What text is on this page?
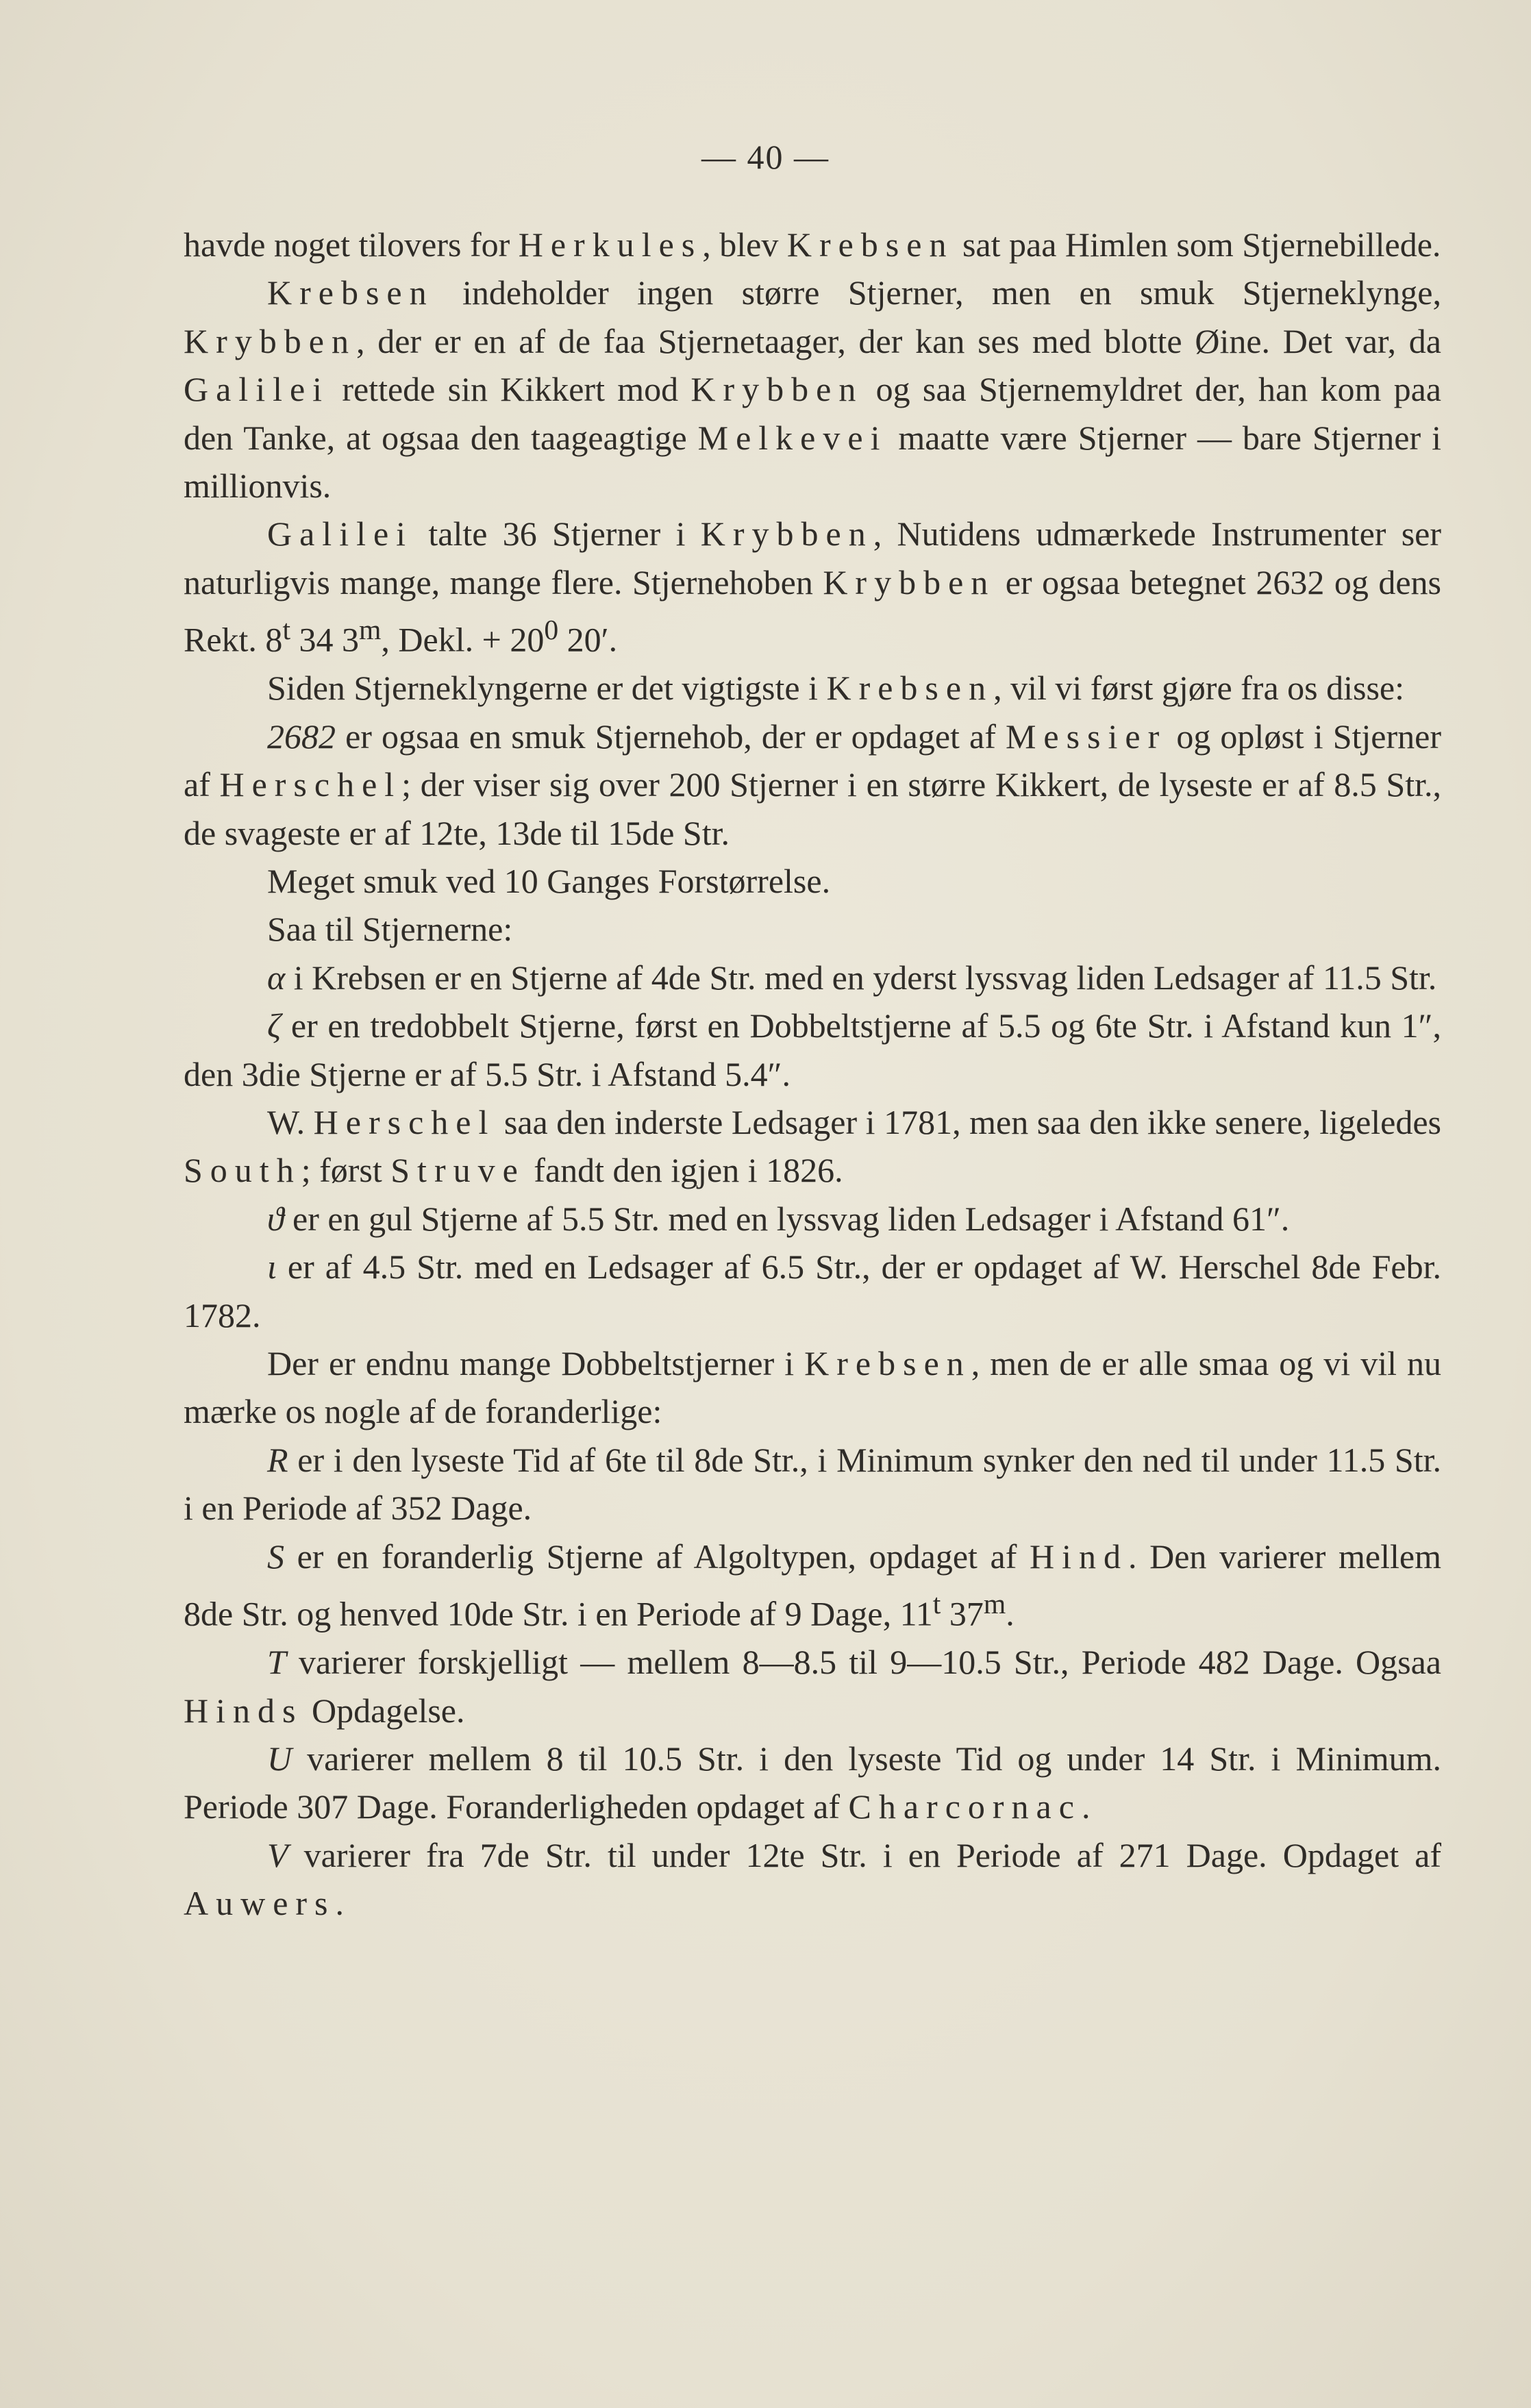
— 40 —

havde noget tilovers for Herkules, blev Krebsen sat paa Himlen som Stjernebillede.

Krebsen indeholder ingen større Stjerner, men en smuk Stjerneklynge, Krybben, der er en af de faa Stjernetaager, der kan ses med blotte Øine. Det var, da Galilei rettede sin Kikkert mod Krybben og saa Stjernemyldret der, han kom paa den Tanke, at ogsaa den taageagtige Melkevei maatte være Stjerner — bare Stjerner i millionvis.

Galilei talte 36 Stjerner i Krybben, Nutidens udmærkede Instrumenter ser naturligvis mange, mange flere. Stjernehoben Krybben er ogsaa betegnet 2632 og dens Rekt. 8$^t$ 34 3$^m$, Dekl. + $20^0$ 20′.

Siden Stjerneklyngerne er det vigtigste i Krebsen, vil vi først gjøre fra os disse:

2682 er ogsaa en smuk Stjernehob, der er opdaget af Messier og opløst i Stjerner af Herschel; der viser sig over 200 Stjerner i en større Kikkert, de lyseste er af 8.5 Str., de svageste er af 12te, 13de til 15de Str.

Meget smuk ved 10 Ganges Forstørrelse.

Saa til Stjernerne:

α i Krebsen er en Stjerne af 4de Str. med en yderst lyssvag liden Ledsager af 11.5 Str.

ζ er en tredobbelt Stjerne, først en Dobbeltstjerne af 5.5 og 6te Str. i Afstand kun 1″, den 3die Stjerne er af 5.5 Str. i Afstand 5.4″.

W. Herschel saa den inderste Ledsager i 1781, men saa den ikke senere, ligeledes South; først Struve fandt den igjen i 1826.

ϑ er en gul Stjerne af 5.5 Str. med en lyssvag liden Ledsager i Afstand 61″.

ι er af 4.5 Str. med en Ledsager af 6.5 Str., der er opdaget af W. Herschel 8de Febr. 1782.

Der er endnu mange Dobbeltstjerner i Krebsen, men de er alle smaa og vi vil nu mærke os nogle af de foranderlige:

R er i den lyseste Tid af 6te til 8de Str., i Minimum synker den ned til under 11.5 Str. i en Periode af 352 Dage.

S er en foranderlig Stjerne af Algoltypen, opdaget af Hind. Den varierer mellem 8de Str. og henved 10de Str. i en Periode af 9 Dage, 11$^t$ 37$^m$.

T varierer forskjelligt — mellem 8—8.5 til 9—10.5 Str., Periode 482 Dage. Ogsaa Hinds Opdagelse.

U varierer mellem 8 til 10.5 Str. i den lyseste Tid og under 14 Str. i Minimum. Periode 307 Dage. Foranderligheden opdaget af Charcornac.

V varierer fra 7de Str. til under 12te Str. i en Periode af 271 Dage. Opdaget af Auwers.
